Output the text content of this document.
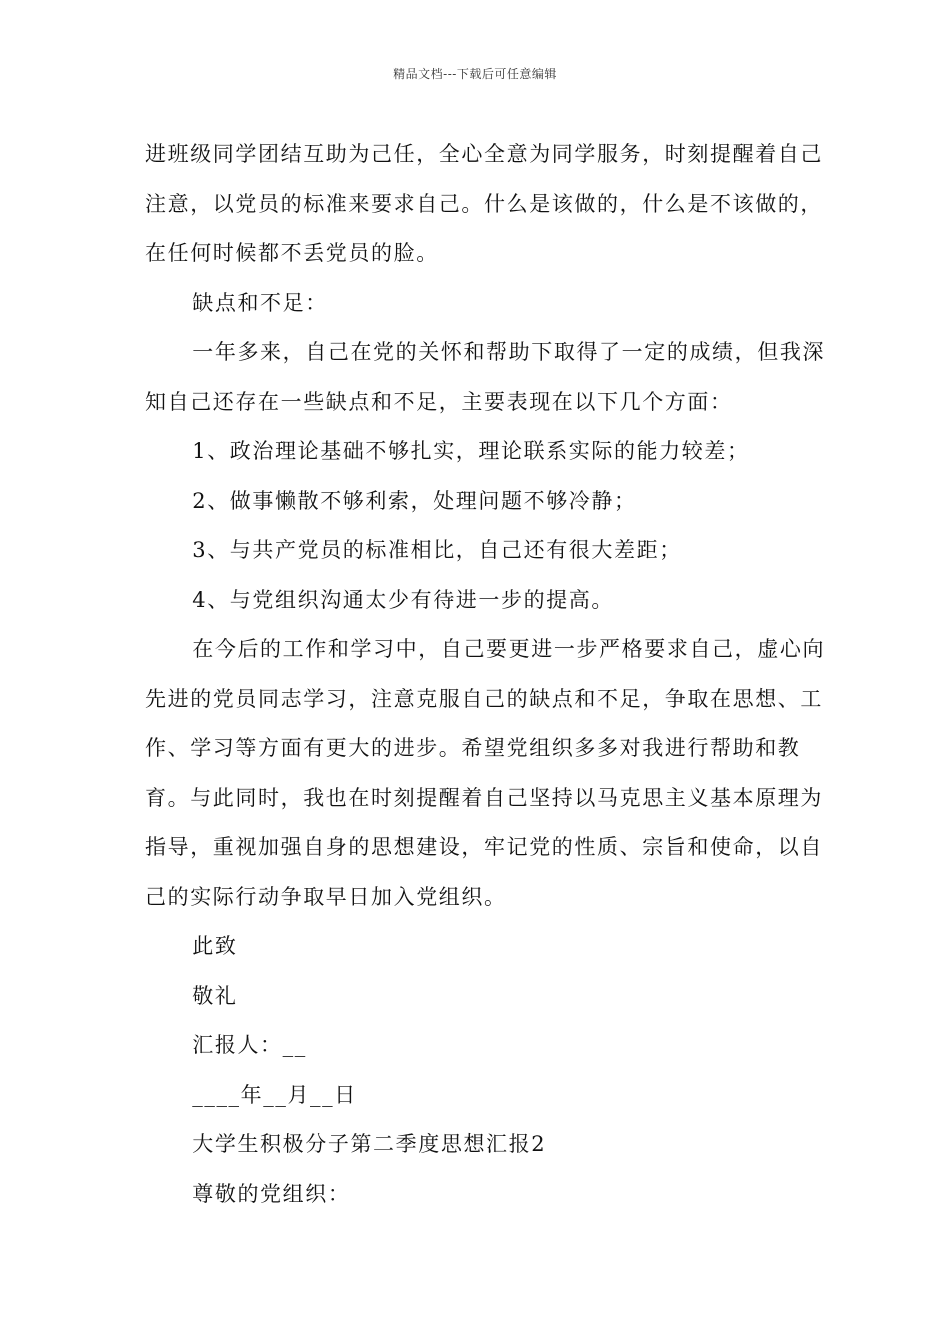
精品文档---下载后可任意编辑

进班级同学团结互助为己任，全心全意为同学服务，时刻提醒着自己注意，以党员的标准来要求自己。什么是该做的，什么是不该做的，在任何时候都不丢党员的脸。

缺点和不足：

一年多来，自己在党的关怀和帮助下取得了一定的成绩，但我深知自己还存在一些缺点和不足，主要表现在以下几个方面：

1、政治理论基础不够扎实，理论联系实际的能力较差；

2、做事懒散不够利索，处理问题不够冷静；

3、与共产党员的标准相比，自己还有很大差距；

4、与党组织沟通太少有待进一步的提高。

在今后的工作和学习中，自己要更进一步严格要求自己，虚心向先进的党员同志学习，注意克服自己的缺点和不足，争取在思想、工作、学习等方面有更大的进步。希望党组织多多对我进行帮助和教育。与此同时，我也在时刻提醒着自己坚持以马克思主义基本原理为指导，重视加强自身的思想建设，牢记党的性质、宗旨和使命，以自己的实际行动争取早日加入党组织。

此致

敬礼

汇报人：__

____年__月__日

大学生积极分子第二季度思想汇报2

尊敬的党组织：
